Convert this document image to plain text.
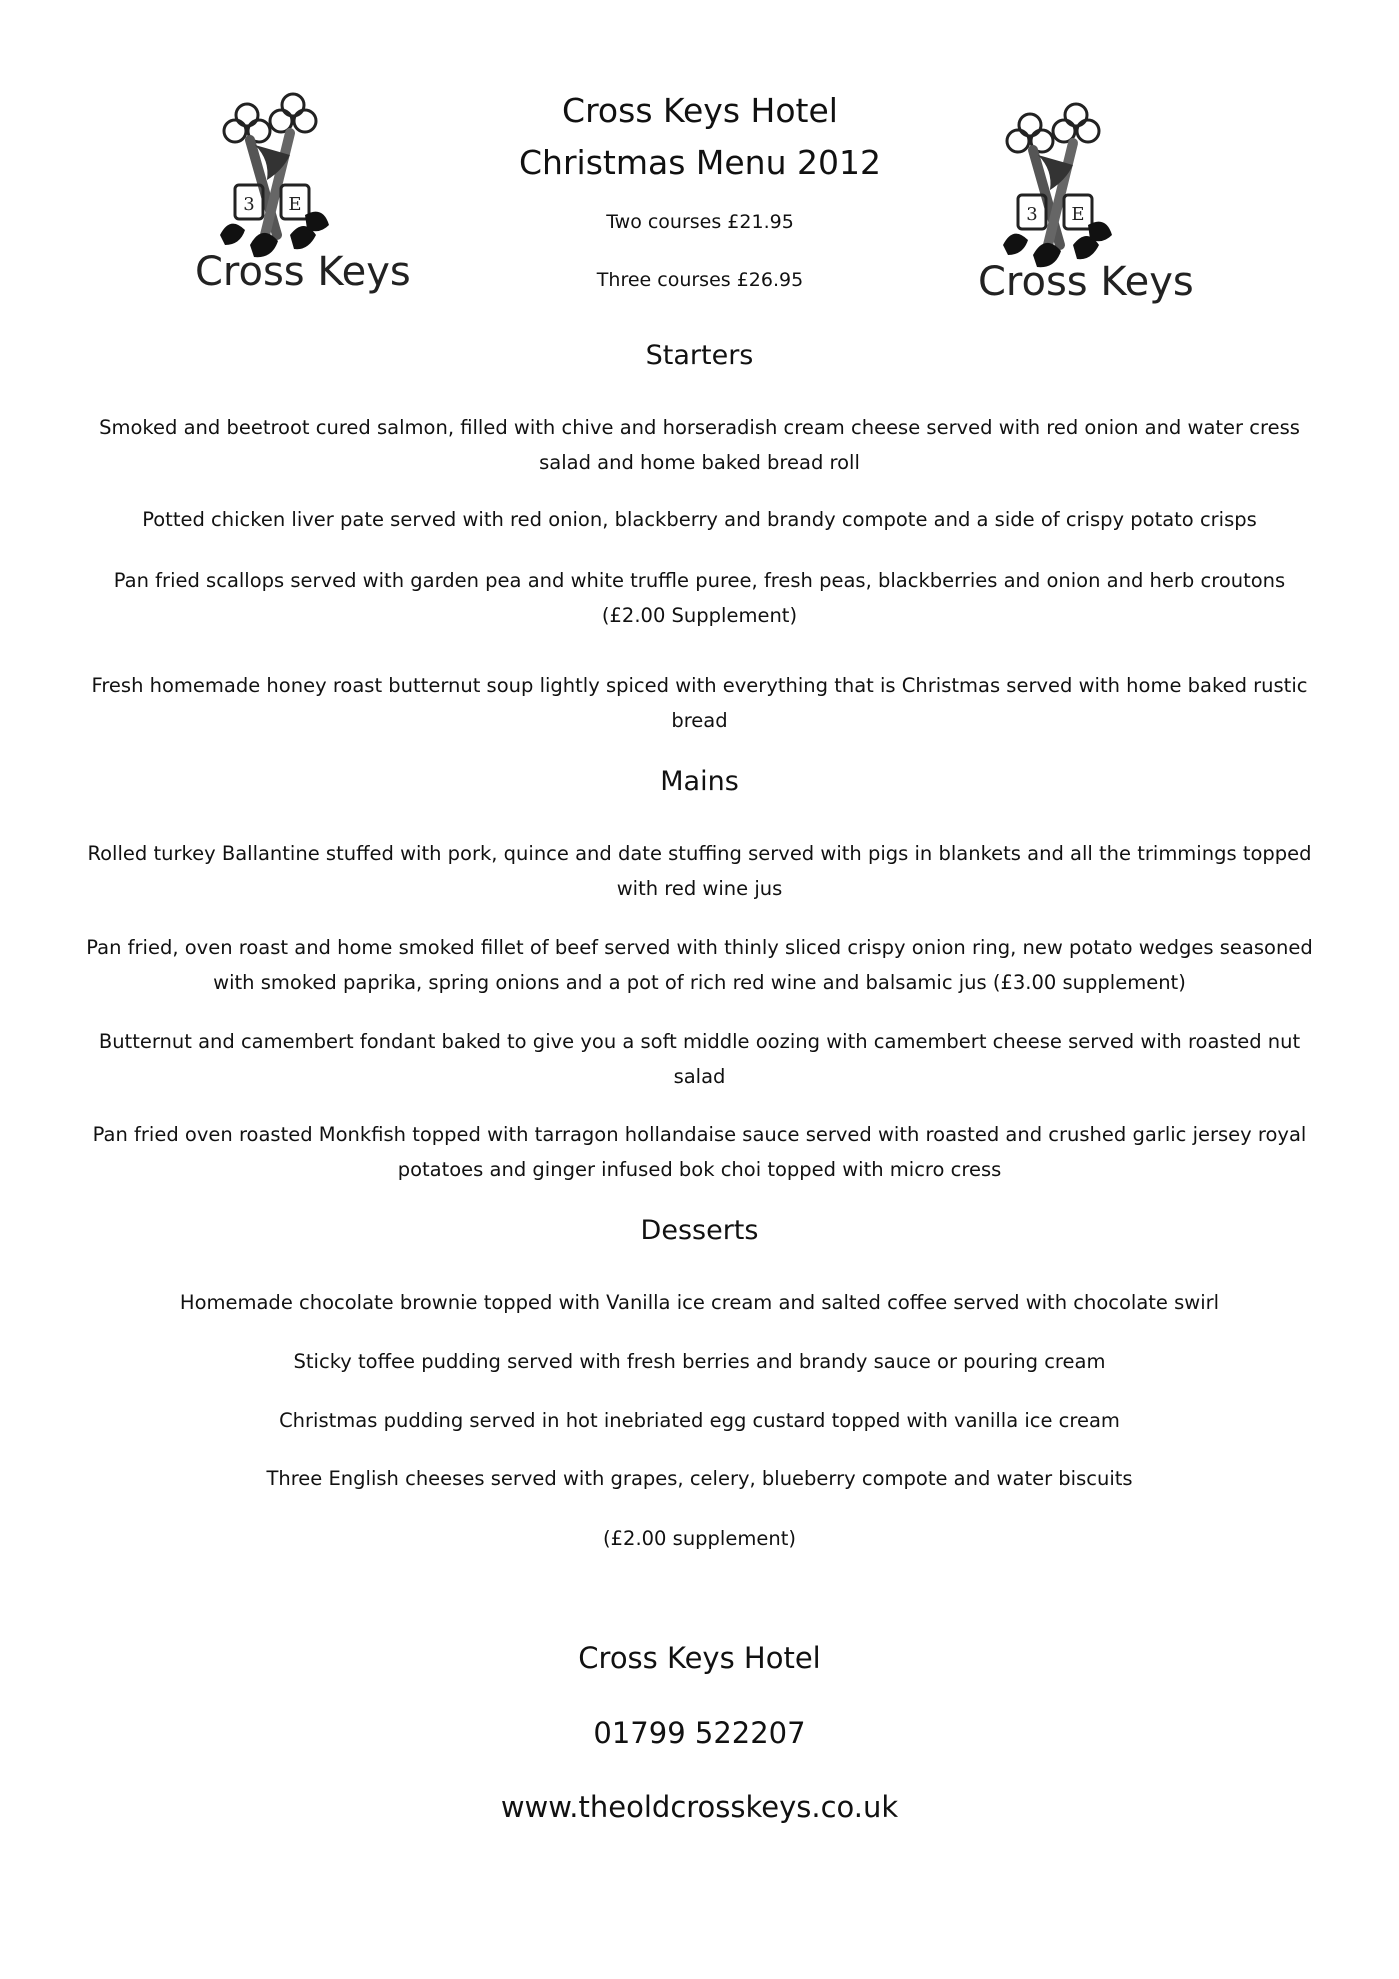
3 E
Cross Keys
3 E
Cross Keys
Cross Keys Hotel
Christmas Menu 2012
Two courses £21.95
Three courses £26.95
Starters
Smoked and beetroot cured salmon, filled with chive and horseradish cream cheese served with red onion and water cress salad and home baked bread roll
Potted chicken liver pate served with red onion, blackberry and brandy compote and a side of crispy potato crisps
Pan fried scallops served with garden pea and white truffle puree, fresh peas, blackberries and onion and herb croutons (£2.00 Supplement)
Fresh homemade honey roast butternut soup lightly spiced with everything that is Christmas served with home baked rustic bread
Mains
Rolled turkey Ballantine stuffed with pork, quince and date stuffing served with pigs in blankets and all the trimmings topped with red wine jus
Pan fried, oven roast and home smoked fillet of beef served with thinly sliced crispy onion ring, new potato wedges seasoned with smoked paprika, spring onions and a pot of rich red wine and balsamic jus (£3.00 supplement)
Butternut and camembert fondant baked to give you a soft middle oozing with camembert cheese served with roasted nut salad
Pan fried oven roasted Monkfish topped with tarragon hollandaise sauce served with roasted and crushed garlic jersey royal potatoes and ginger infused bok choi topped with micro cress
Desserts
Homemade chocolate brownie topped with Vanilla ice cream and salted coffee served with chocolate swirl
Sticky toffee pudding served with fresh berries and brandy sauce or pouring cream
Christmas pudding served in hot inebriated egg custard topped with vanilla ice cream
Three English cheeses served with grapes, celery, blueberry compote and water biscuits
(£2.00 supplement)
Cross Keys Hotel
01799 522207
www.theoldcrosskeys.co.uk
